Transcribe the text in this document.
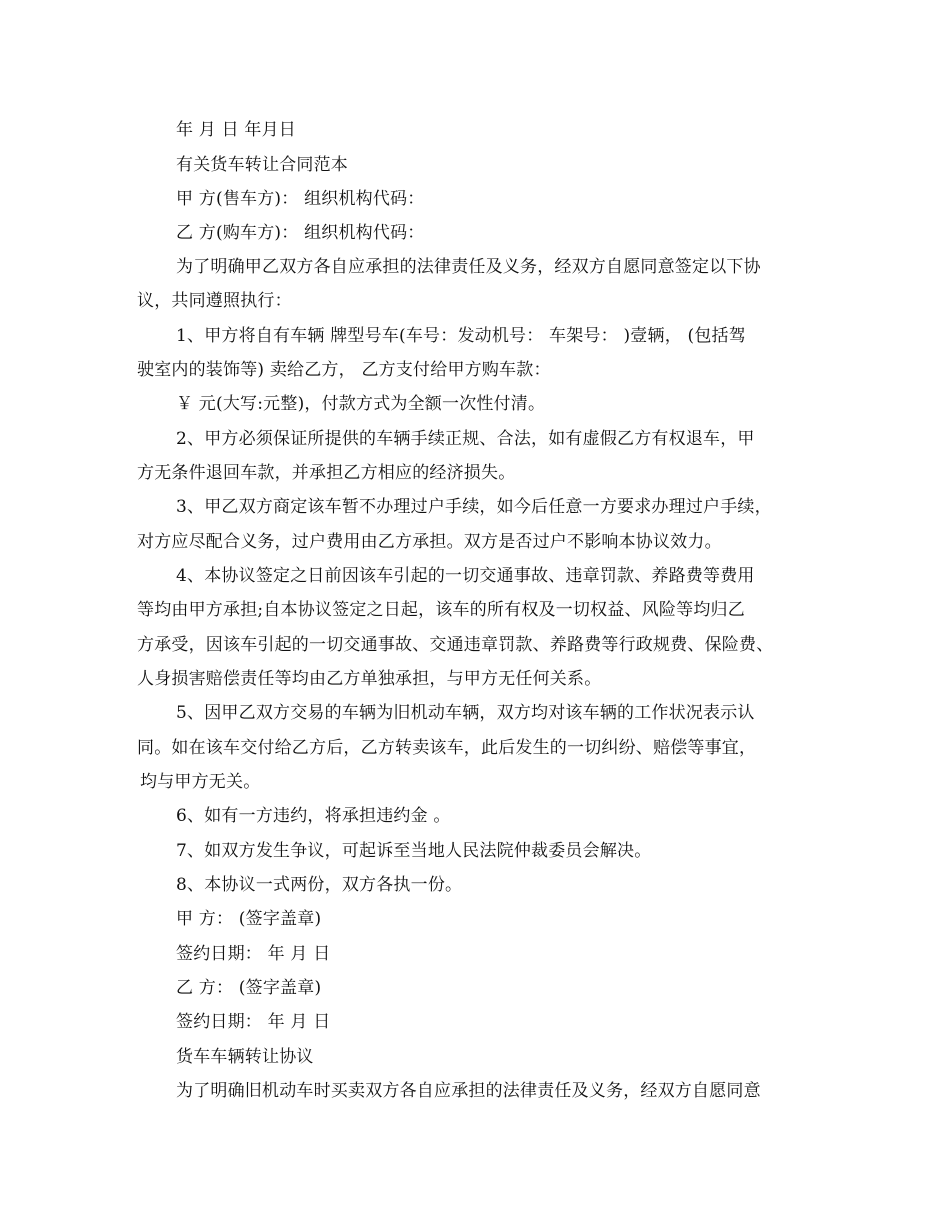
年 月 日 年月日
有关货车转让合同范本
甲 方(售车方)： 组织机构代码：
乙 方(购车方)： 组织机构代码：
为了明确甲乙双方各自应承担的法律责任及义务，经双方自愿同意签定以下协
议，共同遵照执行：
1、甲方将自有车辆 牌型号车(车号：发动机号： 车架号： )壹辆， (包括驾
驶室内的装饰等) 卖给乙方， 乙方支付给甲方购车款：
￥ 元(大写:元整)，付款方式为全额一次性付清。
2、甲方必须保证所提供的车辆手续正规、合法，如有虚假乙方有权退车，甲
方无条件退回车款，并承担乙方相应的经济损失。
3、甲乙双方商定该车暂不办理过户手续，如今后任意一方要求办理过户手续，
对方应尽配合义务，过户费用由乙方承担。双方是否过户不影响本协议效力。
4、本协议签定之日前因该车引起的一切交通事故、违章罚款、养路费等费用
等均由甲方承担;自本协议签定之日起，该车的所有权及一切权益、风险等均归乙
方承受，因该车引起的一切交通事故、交通违章罚款、养路费等行政规费、保险费、
人身损害赔偿责任等均由乙方单独承担，与甲方无任何关系。
5、因甲乙双方交易的车辆为旧机动车辆，双方均对该车辆的工作状况表示认
同。如在该车交付给乙方后，乙方转卖该车，此后发生的一切纠纷、赔偿等事宜，
均与甲方无关。
6、如有一方违约，将承担违约金 。
7、如双方发生争议，可起诉至当地人民法院仲裁委员会解决。
8、本协议一式两份，双方各执一份。
甲 方： (签字盖章)
签约日期： 年 月 日
乙 方： (签字盖章)
签约日期： 年 月 日
货车车辆转让协议
为了明确旧机动车时买卖双方各自应承担的法律责任及义务，经双方自愿同意
